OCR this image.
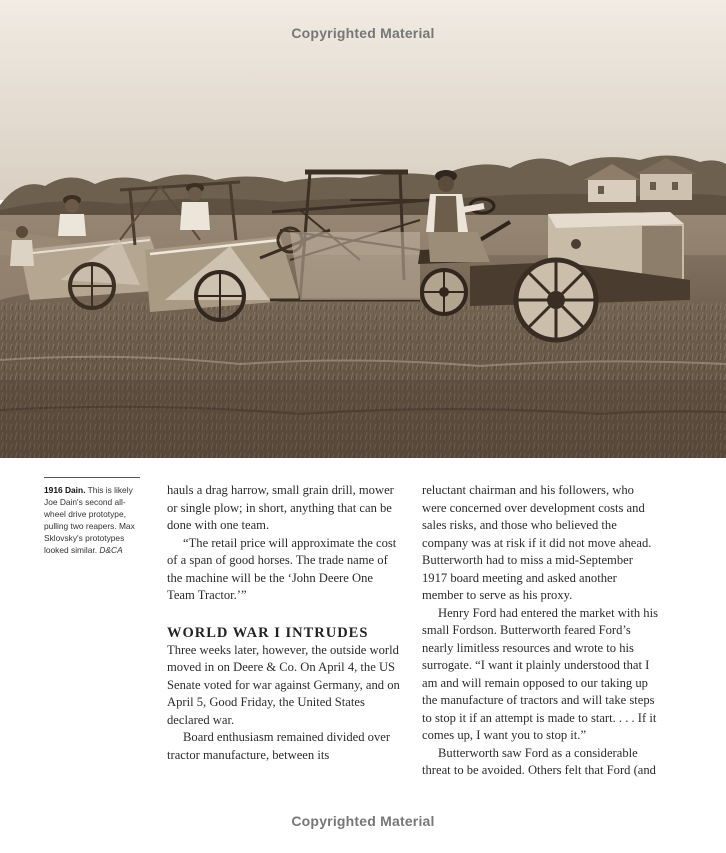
Copyrighted Material
1916 Dain. This is likely Joe Dain's second all-wheel drive prototype, pulling two reapers. Max Sklovsky's prototypes looked similar. D&CA

hauls a drag harrow, small grain drill, mower or single plow; in short, anything that can be done with one team.

“The retail price will approximate the cost of a span of good horses. The trade name of the machine will be the ‘John Deere One Team Tractor.’”

WORLD WAR I INTRUDES

Three weeks later, however, the outside world moved in on Deere & Co. On April 4, the US Senate voted for war against Germany, and on April 5, Good Friday, the United States declared war.

Board enthusiasm remained divided over tractor manufacture, between its

reluctant chairman and his followers, who were concerned over development costs and sales risks, and those who believed the company was at risk if it did not move ahead. Butterworth had to miss a mid-September 1917 board meeting and asked another member to serve as his proxy.

Henry Ford had entered the market with his small Fordson. Butterworth feared Ford’s nearly limitless resources and wrote to his surrogate. “I want it plainly understood that I am and will remain opposed to our taking up the manufacture of tractors and will take steps to stop it if an attempt is made to start. . . . If it comes up, I want you to stop it.”

Butterworth saw Ford as a considerable threat to be avoided. Others felt that Ford (and

Copyrighted Material
